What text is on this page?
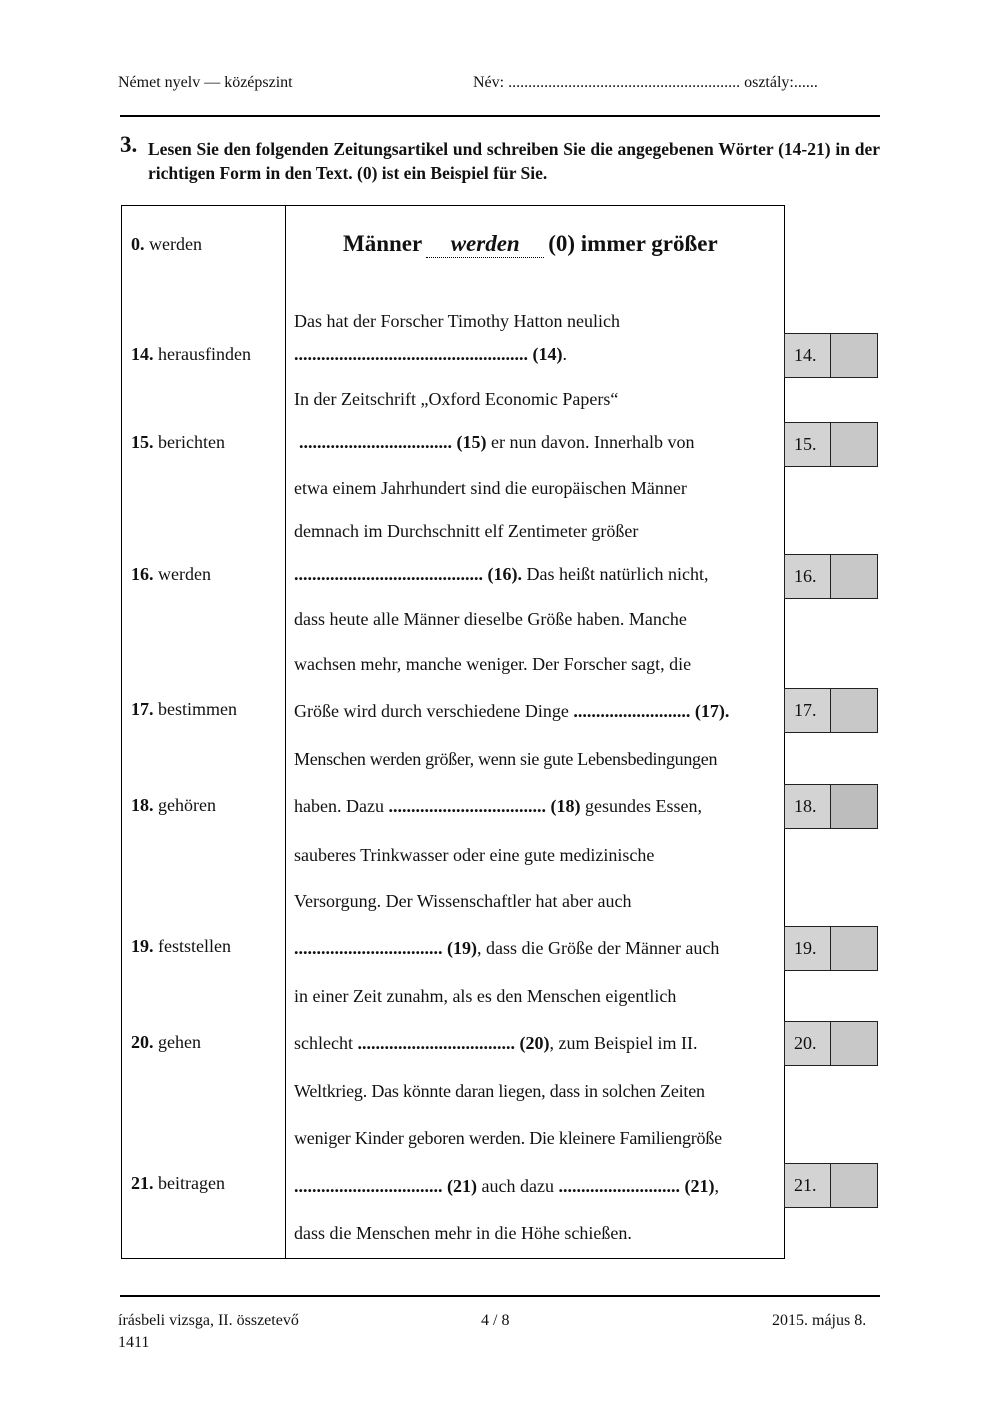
Német nyelv — középszint	Név: .......................................................... osztály:......
3. Lesen Sie den folgenden Zeitungsartikel und schreiben Sie die angegebenen Wörter (14-21) in der richtigen Form in den Text. (0) ist ein Beispiel für Sie.
0. werden
14. herausfinden
15. berichten
16. werden
17. bestimmen
18. gehören
19. feststellen
20. gehen
21. beitragen
Männer werden (0) immer größer
Das hat der Forscher Timothy Hatton neulich
.................................................... (14).
In der Zeitschrift „Oxford Economic Papers“
.................................. (15) er nun davon. Innerhalb von
etwa einem Jahrhundert sind die europäischen Männer
demnach im Durchschnitt elf Zentimeter größer
.......................................... (16). Das heißt natürlich nicht,
dass heute alle Männer dieselbe Größe haben. Manche
wachsen mehr, manche weniger. Der Forscher sagt, die
Größe wird durch verschiedene Dinge .......................... (17).
Menschen werden größer, wenn sie gute Lebensbedingungen
haben. Dazu ................................... (18) gesundes Essen,
sauberes Trinkwasser oder eine gute medizinische
Versorgung. Der Wissenschaftler hat aber auch
................................. (19), dass die Größe der Männer auch
in einer Zeit zunahm, als es den Menschen eigentlich
schlecht ................................... (20), zum Beispiel im II.
Weltkrieg. Das könnte daran liegen, dass in solchen Zeiten
weniger Kinder geboren werden. Die kleinere Familiengröße
................................. (21) auch dazu ........................... (21),
dass die Menschen mehr in die Höhe schießen.
14.
15.
16.
17.
18.
19.
20.
21.
írásbeli vizsga, II. összetevő
1411
4 / 8	2015. május 8.
